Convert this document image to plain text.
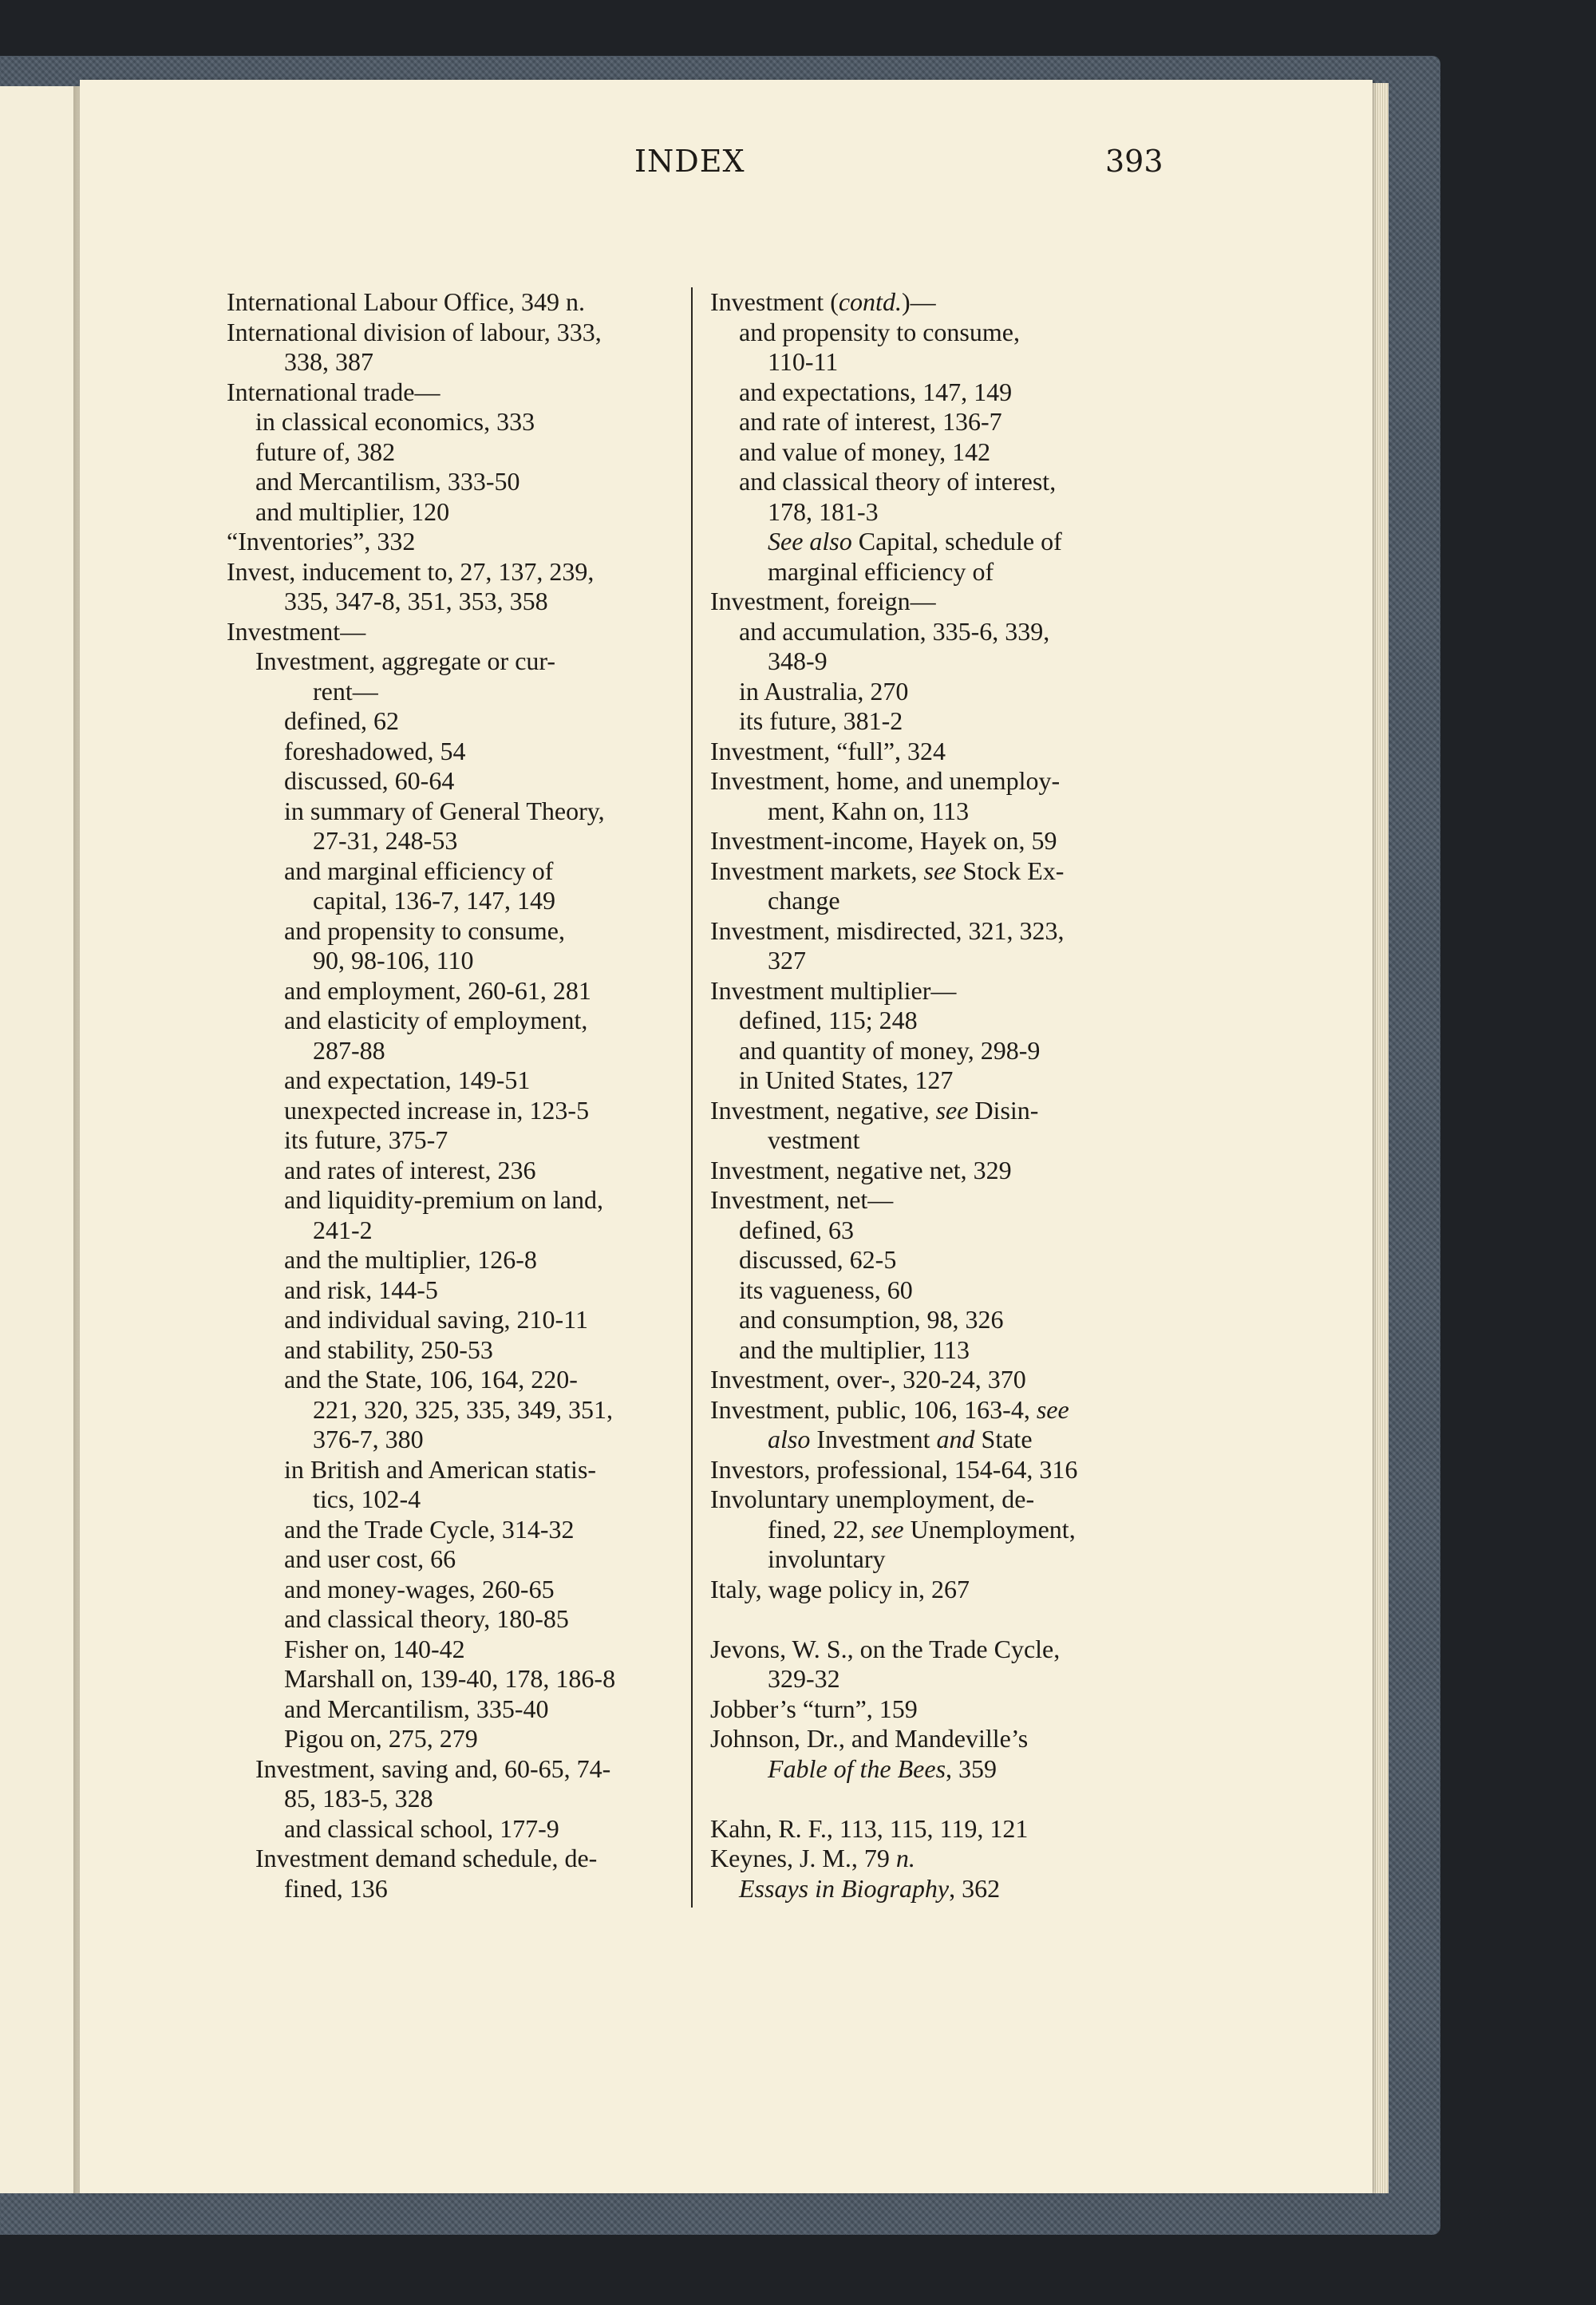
INDEX	393
International Labour Office, 349 n.
International division of labour, 333,
338, 387
International trade—
in classical economics, 333
future of, 382
and Mercantilism, 333-50
and multiplier, 120
“Inventories”, 332
Invest, inducement to, 27, 137, 239,
335, 347-8, 351, 353, 358
Investment—
Investment, aggregate or cur-
rent—
defined, 62
foreshadowed, 54
discussed, 60-64
in summary of General Theory,
27-31, 248-53
and marginal efficiency of
capital, 136-7, 147, 149
and propensity to consume,
90, 98-106, 110
and employment, 260-61, 281
and elasticity of employment,
287-88
and expectation, 149-51
unexpected increase in, 123-5
its future, 375-7
and rates of interest, 236
and liquidity-premium on land,
241-2
and the multiplier, 126-8
and risk, 144-5
and individual saving, 210-11
and stability, 250-53
and the State, 106, 164, 220-
221, 320, 325, 335, 349, 351,
376-7, 380
in British and American statis-
tics, 102-4
and the Trade Cycle, 314-32
and user cost, 66
and money-wages, 260-65
and classical theory, 180-85
Fisher on, 140-42
Marshall on, 139-40, 178, 186-8
and Mercantilism, 335-40
Pigou on, 275, 279
Investment, saving and, 60-65, 74-
85, 183-5, 328
and classical school, 177-9
Investment demand schedule, de-
fined, 136
Investment (contd.)—
and propensity to consume,
110-11
and expectations, 147, 149
and rate of interest, 136-7
and value of money, 142
and classical theory of interest,
178, 181-3
See also Capital, schedule of
marginal efficiency of
Investment, foreign—
and accumulation, 335-6, 339,
348-9
in Australia, 270
its future, 381-2
Investment, “full”, 324
Investment, home, and unemploy-
ment, Kahn on, 113
Investment-income, Hayek on, 59
Investment markets, see Stock Ex-
change
Investment, misdirected, 321, 323,
327
Investment multiplier—
defined, 115; 248
and quantity of money, 298-9
in United States, 127
Investment, negative, see Disin-
vestment
Investment, negative net, 329
Investment, net—
defined, 63
discussed, 62-5
its vagueness, 60
and consumption, 98, 326
and the multiplier, 113
Investment, over-, 320-24, 370
Investment, public, 106, 163-4, see
also Investment and State
Investors, professional, 154-64, 316
Involuntary unemployment, de-
fined, 22, see Unemployment,
involuntary
Italy, wage policy in, 267
Jevons, W. S., on the Trade Cycle,
329-32
Jobber’s “turn”, 159
Johnson, Dr., and Mandeville’s
Fable of the Bees, 359
Kahn, R. F., 113, 115, 119, 121
Keynes, J. M., 79 n.
Essays in Biography, 362
